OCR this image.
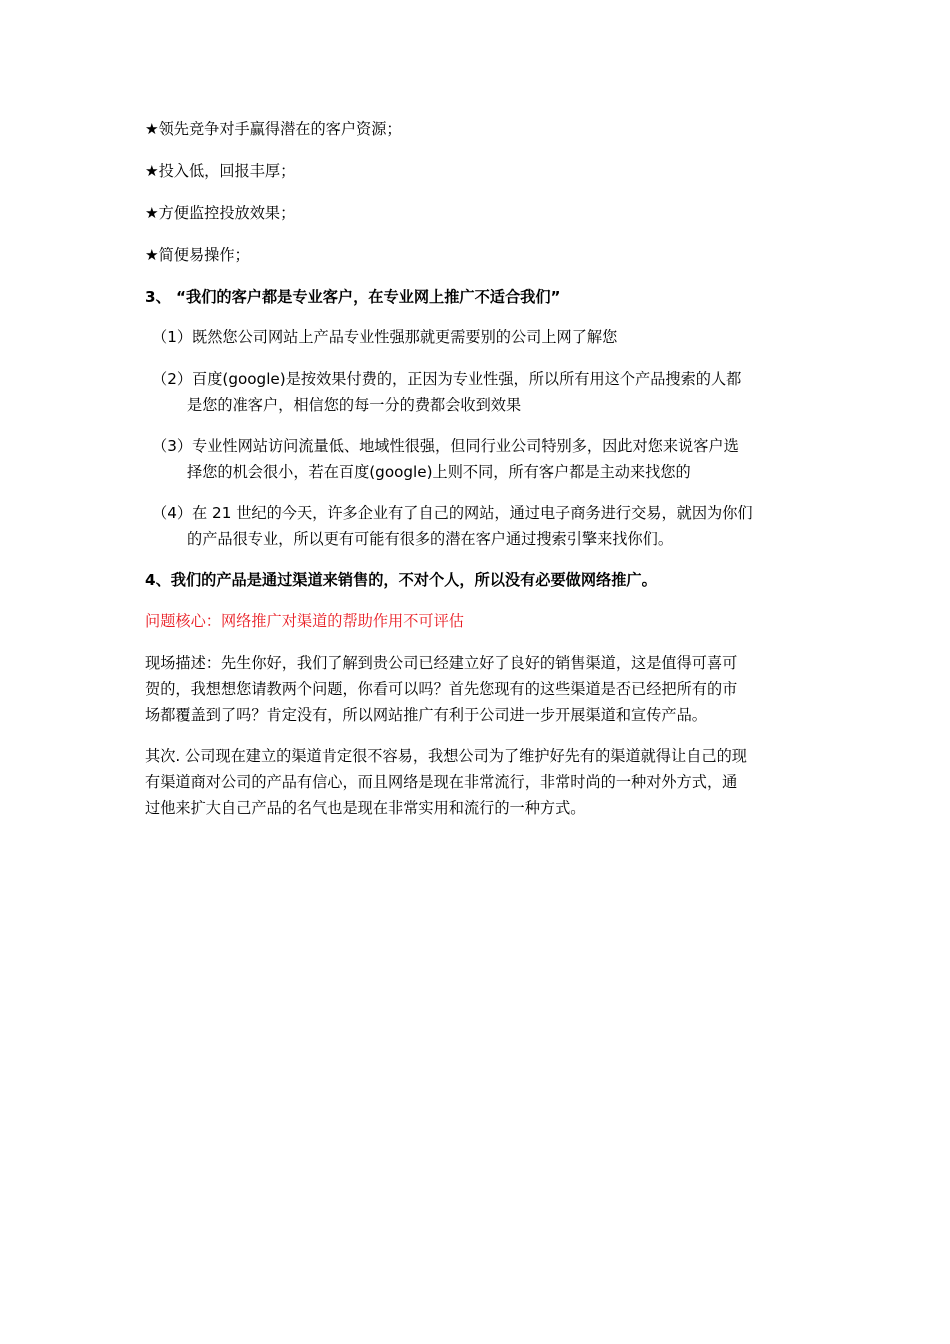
★领先竞争对手赢得潜在的客户资源；

★投入低，回报丰厚；

★方便监控投放效果；

★简便易操作；

3、 “我们的客户都是专业客户，在专业网上推广不适合我们”

（1）既然您公司网站上产品专业性强那就更需要别的公司上网了解您
（2）百度(google)是按效果付费的，正因为专业性强，所以所有用这个产品搜索的人都
是您的准客户，相信您的每一分的费都会收到效果
（3）专业性网站访问流量低、地域性很强，但同行业公司特别多，因此对您来说客户选
择您的机会很小，若在百度(google)上则不同，所有客户都是主动来找您的
（4）在 21 世纪的今天，许多企业有了自己的网站，通过电子商务进行交易，就因为你们
的产品很专业，所以更有可能有很多的潜在客户通过搜索引擎来找你们。

4、我们的产品是通过渠道来销售的，不对个人，所以没有必要做网络推广。

问题核心：网络推广对渠道的帮助作用不可评估

现场描述：先生你好，我们了解到贵公司已经建立好了良好的销售渠道，这是值得可喜可
贺的，我想想您请教两个问题，你看可以吗？首先您现有的这些渠道是否已经把所有的市
场都覆盖到了吗？肯定没有，所以网站推广有利于公司进一步开展渠道和宣传产品。
其次. 公司现在建立的渠道肯定很不容易，我想公司为了维护好先有的渠道就得让自己的现
有渠道商对公司的产品有信心，而且网络是现在非常流行，非常时尚的一种对外方式，通
过他来扩大自己产品的名气也是现在非常实用和流行的一种方式。
